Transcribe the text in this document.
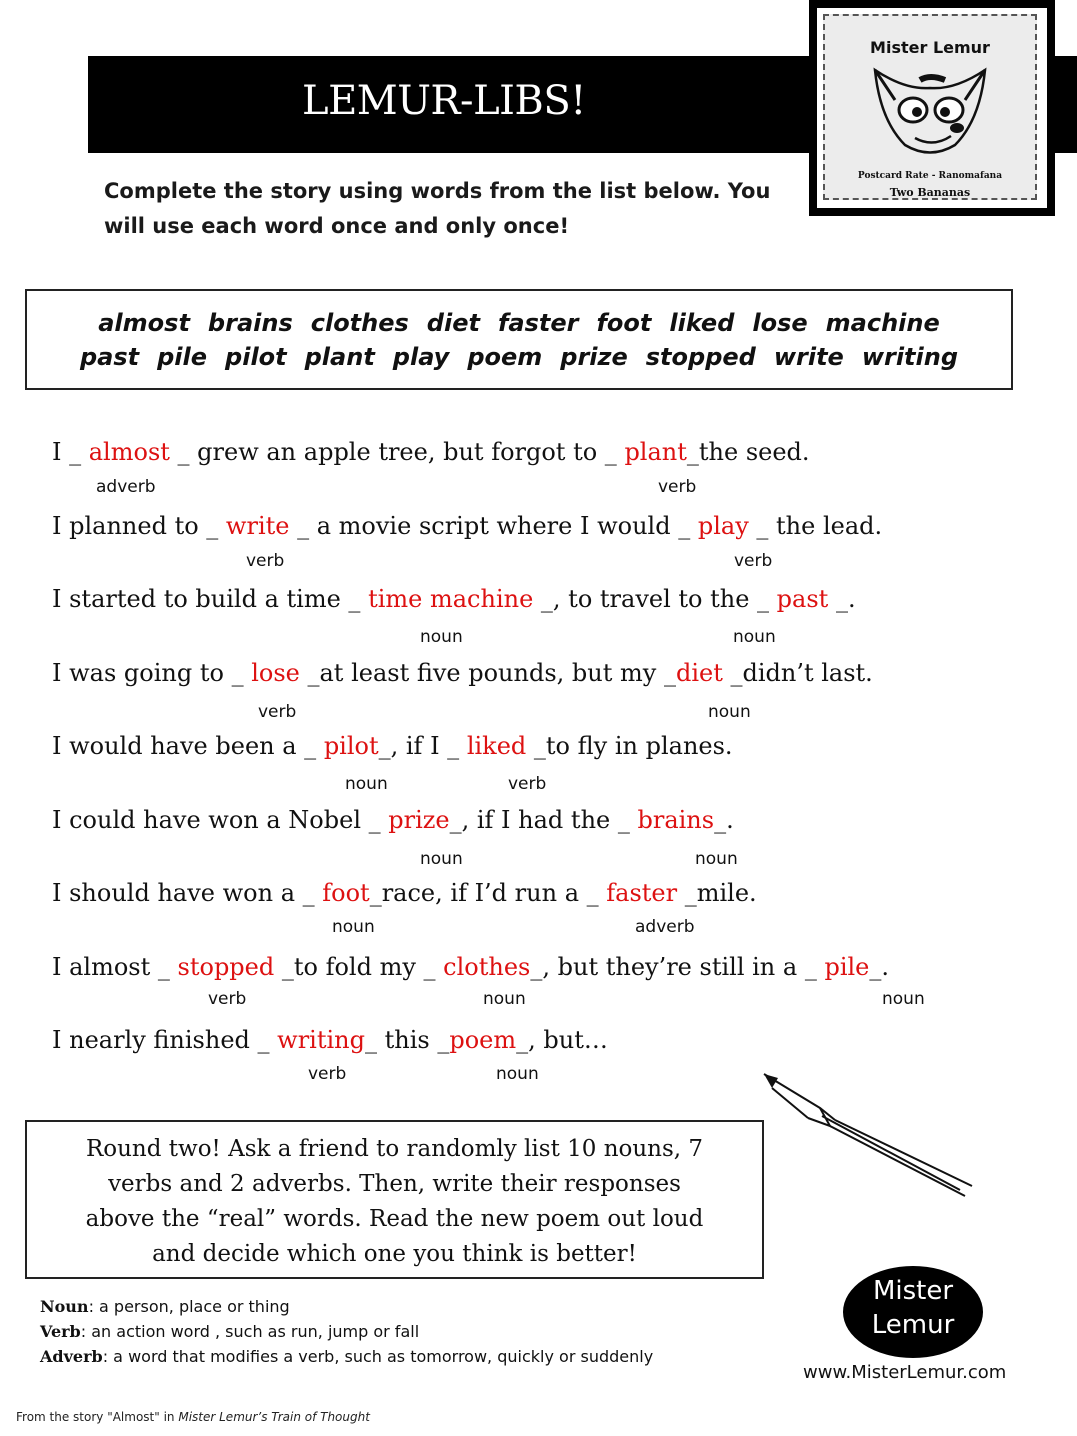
LEMUR-LIBS!
Mister Lemur
Postcard Rate - Ranomafana
Two Bananas
Complete the story using words from the list below. You
will use each word once and only once!
almost brains clothes diet faster foot liked lose machine
past pile pilot plant play poem prize stopped write writing
I _ almost _ grew an apple tree, but forgot to _ plant_the seed.
adverb	verb
I planned to _ write _ a movie script where I would _ play _ the lead.
verb	verb
I started to build a time _ time machine _, to travel to the _ past _.
noun	noun
I was going to _ lose _at least five pounds, but my _diet _didn’t last.
verb	noun
I would have been a _ pilot_, if I _ liked _to fly in planes.
noun	verb
I could have won a Nobel _ prize_, if I had the _ brains_.
noun	noun
I should have won a _ foot_race, if I’d run a _ faster _mile.
noun	adverb
I almost _ stopped _to fold my _ clothes_, but they’re still in a _ pile_.
verb	noun	noun
I nearly finished _ writing_ this _poem_, but…
verb	noun
Round two! Ask a friend to randomly list 10 nouns, 7
verbs and 2 adverbs. Then, write their responses
above the “real” words. Read the new poem out loud
and decide which one you think is better!
Noun: a person, place or thing
Verb: an action word , such as run, jump or fall
Adverb: a word that modifies a verb, such as tomorrow, quickly or suddenly
Mister
Lemur
www.MisterLemur.com
From the story "Almost" in Mister Lemur’s Train of Thought
